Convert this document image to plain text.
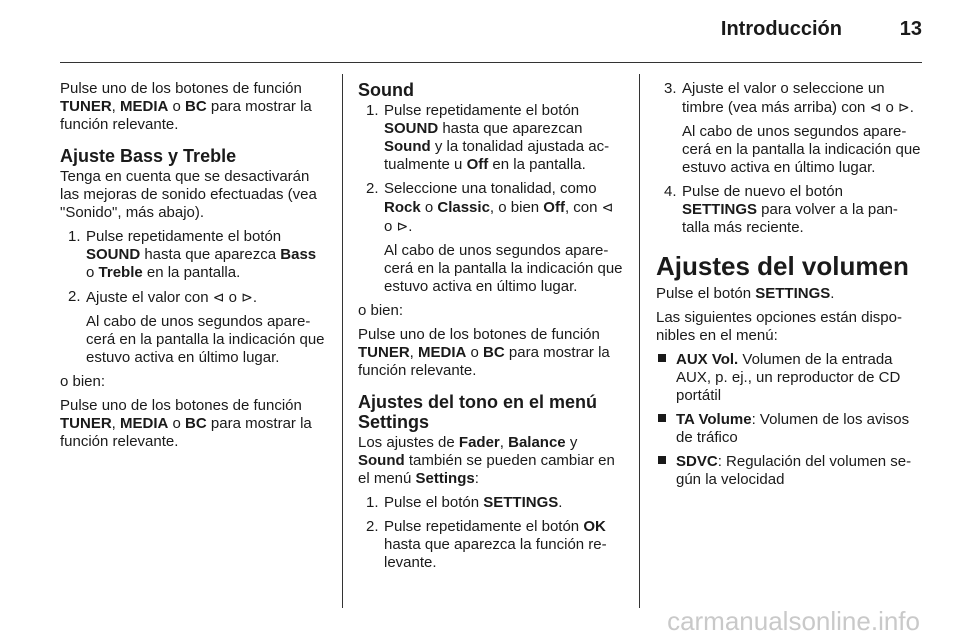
Introducción	13

Pulse uno de los botones de función TUNER, MEDIA o BC para mostrar la función relevante.

Ajuste Bass y Treble

Tenga en cuenta que se desactivarán las mejoras de sonido efectuadas (vea "Sonido", más abajo).

1. Pulse repetidamente el botón SOUND hasta que aparezca Bass o Treble en la pantalla.
2. Ajuste el valor con ⊲ o ⊳.
Al cabo de unos segundos apare-cerá en la pantalla la indicación que estuvo activa en último lugar.

o bien:

Pulse uno de los botones de función TUNER, MEDIA o BC para mostrar la función relevante.

Sound
1. Pulse repetidamente el botón SOUND hasta que aparezcan Sound y la tonalidad ajustada ac-tualmente u Off en la pantalla.
2. Seleccione una tonalidad, como Rock o Classic, o bien Off, con ⊲ o ⊳.
Al cabo de unos segundos apare-cerá en la pantalla la indicación que estuvo activa en último lugar.

o bien:

Pulse uno de los botones de función TUNER, MEDIA o BC para mostrar la función relevante.

Ajustes del tono en el menú Settings

Los ajustes de Fader, Balance y Sound también se pueden cambiar en el menú Settings:

1. Pulse el botón SETTINGS.
2. Pulse repetidamente el botón OK hasta que aparezca la función re-levante.
3. Ajuste el valor o seleccione un timbre (vea más arriba) con ⊲ o ⊳.
Al cabo de unos segundos apare-cerá en la pantalla la indicación que estuvo activa en último lugar.
4. Pulse de nuevo el botón SETTINGS para volver a la pan-talla más reciente.
Ajustes del volumen

Pulse el botón SETTINGS.

Las siguientes opciones están dispo-nibles en el menú:

AUX Vol. Volumen de la entrada AUX, p. ej., un reproductor de CD portátil
TA Volume: Volumen de los avisos de tráfico
SDVC: Regulación del volumen se-gún la velocidad
carmanualsonline.info
